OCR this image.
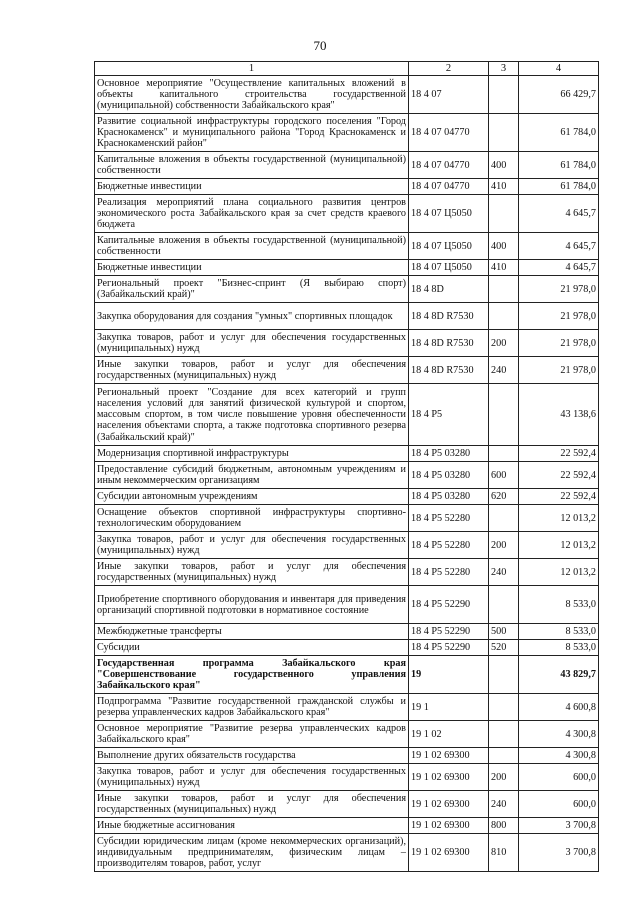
70
1	2	3	4
Основное мероприятие "Осуществление капитальных вложений в объекты капитального строительства государственной (муниципальной) собственности Забайкальского края"	18 4 07		66 429,7
Развитие социальной инфраструктуры городского поселения "Город Краснокаменск" и муниципального района "Город Краснокаменск и Краснокаменский район"	18 4 07 04770		61 784,0
Капитальные вложения в объекты государственной (муниципальной) собственности	18 4 07 04770	400	61 784,0
Бюджетные инвестиции	18 4 07 04770	410	61 784,0
Реализация мероприятий плана социального развития центров экономического роста Забайкальского края за счет средств краевого бюджета	18 4 07 Ц5050		4 645,7
Капитальные вложения в объекты государственной (муниципальной) собственности	18 4 07 Ц5050	400	4 645,7
Бюджетные инвестиции	18 4 07 Ц5050	410	4 645,7
Региональный проект "Бизнес-спринт (Я выбираю спорт) (Забайкальский край)"	18 4 8D		21 978,0
Закупка оборудования для создания "умных" спортивных площадок	18 4 8D R7530		21 978,0
Закупка товаров, работ и услуг для обеспечения государственных (муниципальных) нужд	18 4 8D R7530	200	21 978,0
Иные закупки товаров, работ и услуг для обеспечения государственных (муниципальных) нужд	18 4 8D R7530	240	21 978,0
Региональный проект "Создание для всех категорий и групп населения условий для занятий физической культурой и спортом, массовым спортом, в том числе повышение уровня обеспеченности населения объектами спорта, а также подготовка спортивного резерва (Забайкальский край)"	18 4 P5		43 138,6
Модернизация спортивной инфраструктуры	18 4 P5 03280		22 592,4
Предоставление субсидий бюджетным, автономным учреждениям и иным некоммерческим организациям	18 4 P5 03280	600	22 592,4
Субсидии автономным учреждениям	18 4 P5 03280	620	22 592,4
Оснащение объектов спортивной инфраструктуры спортивно-технологическим оборудованием	18 4 P5 52280		12 013,2
Закупка товаров, работ и услуг для обеспечения государственных (муниципальных) нужд	18 4 P5 52280	200	12 013,2
Иные закупки товаров, работ и услуг для обеспечения государственных (муниципальных) нужд	18 4 P5 52280	240	12 013,2
Приобретение спортивного оборудования и инвентаря для приведения организаций спортивной подготовки в нормативное состояние	18 4 P5 52290		8 533,0
Межбюджетные трансферты	18 4 P5 52290	500	8 533,0
Субсидии	18 4 P5 52290	520	8 533,0
Государственная программа Забайкальского края "Совершенствование государственного управления Забайкальского края"	19		43 829,7
Подпрограмма "Развитие государственной гражданской службы и резерва управленческих кадров Забайкальского края"	19 1		4 600,8
Основное мероприятие "Развитие резерва управленческих кадров Забайкальского края"	19 1 02		4 300,8
Выполнение других обязательств государства	19 1 02 69300		4 300,8
Закупка товаров, работ и услуг для обеспечения государственных (муниципальных) нужд	19 1 02 69300	200	600,0
Иные закупки товаров, работ и услуг для обеспечения государственных (муниципальных) нужд	19 1 02 69300	240	600,0
Иные бюджетные ассигнования	19 1 02 69300	800	3 700,8
Субсидии юридическим лицам (кроме некоммерческих организаций), индивидуальным предпринимателям, физическим лицам – производителям товаров, работ, услуг	19 1 02 69300	810	3 700,8
